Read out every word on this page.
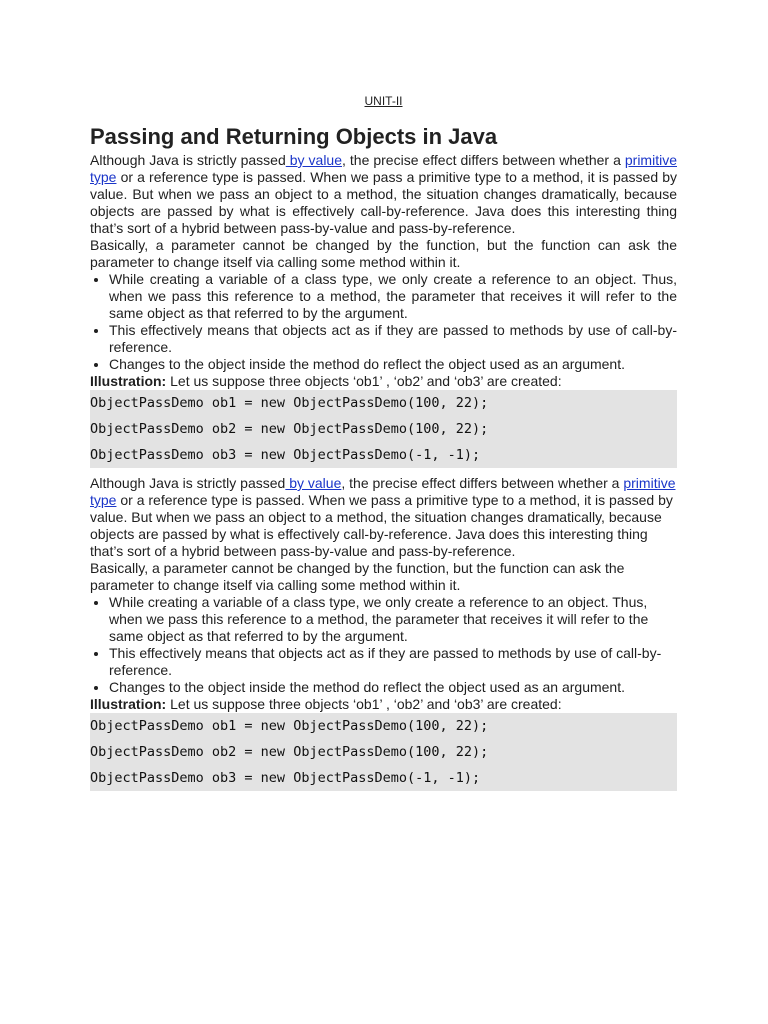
UNIT-II
Passing and Returning Objects in Java

Although Java is strictly passed by value, the precise effect differs between whether a primitive type or a reference type is passed. When we pass a primitive type to a method, it is passed by value. But when we pass an object to a method, the situation changes dramatically, because objects are passed by what is effectively call-by-reference. Java does this interesting thing that’s sort of a hybrid between pass-by-value and pass-by-reference.

Basically, a parameter cannot be changed by the function, but the function can ask the parameter to change itself via calling some method within it.

• While creating a variable of a class type, we only create a reference to an object. Thus, when we pass this reference to a method, the parameter that receives it will refer to the same object as that referred to by the argument.
• This effectively means that objects act as if they are passed to methods by use of call-by-reference.
• Changes to the object inside the method do reflect the object used as an argument.

Illustration: Let us suppose three objects ‘ob1’ , ‘ob2’ and ‘ob3’ are created:

ObjectPassDemo ob1 = new ObjectPassDemo(100, 22);
ObjectPassDemo ob2 = new ObjectPassDemo(100, 22);
ObjectPassDemo ob3 = new ObjectPassDemo(-1, -1);

Although Java is strictly passed by value, the precise effect differs between whether a primitive type or a reference type is passed. When we pass a primitive type to a method, it is passed by value. But when we pass an object to a method, the situation changes dramatically, because objects are passed by what is effectively call-by-reference. Java does this interesting thing that’s sort of a hybrid between pass-by-value and pass-by-reference.

Basically, a parameter cannot be changed by the function, but the function can ask the parameter to change itself via calling some method within it.

• While creating a variable of a class type, we only create a reference to an object. Thus, when we pass this reference to a method, the parameter that receives it will refer to the same object as that referred to by the argument.
• This effectively means that objects act as if they are passed to methods by use of call-by-reference.
• Changes to the object inside the method do reflect the object used as an argument.

Illustration: Let us suppose three objects ‘ob1’ , ‘ob2’ and ‘ob3’ are created:

ObjectPassDemo ob1 = new ObjectPassDemo(100, 22);
ObjectPassDemo ob2 = new ObjectPassDemo(100, 22);
ObjectPassDemo ob3 = new ObjectPassDemo(-1, -1);
